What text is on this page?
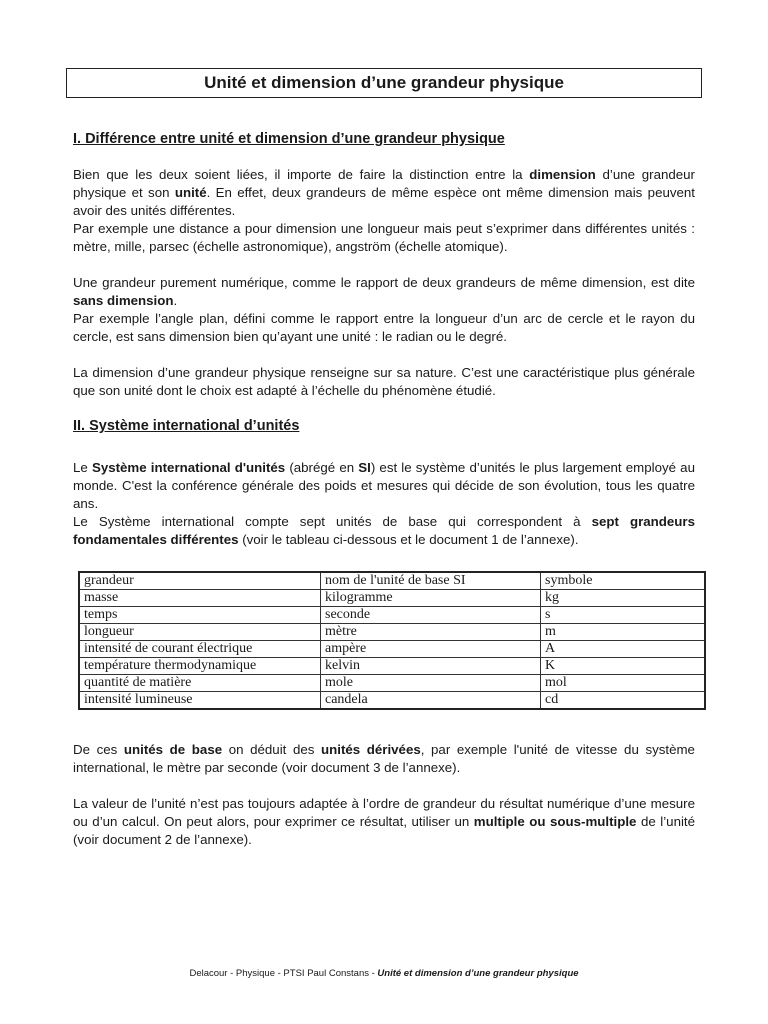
Unité et dimension d’une grandeur physique
I. Différence entre unité et dimension d’une grandeur physique

Bien que les deux soient liées, il importe de faire la distinction entre la dimension d’une grandeur physique et son unité. En effet, deux grandeurs de même espèce ont même dimension mais peuvent avoir des unités différentes.

Par exemple une distance a pour dimension une longueur mais peut s’exprimer dans différentes unités : mètre, mille, parsec (échelle astronomique), angström (échelle atomique).

Une grandeur purement numérique, comme le rapport de deux grandeurs de même dimension, est dite sans dimension.

Par exemple l’angle plan, défini comme le rapport entre la longueur d’un arc de cercle et le rayon du cercle, est sans dimension bien qu’ayant une unité : le radian ou le degré.

La dimension d’une grandeur physique renseigne sur sa nature. C’est une caractéristique plus générale que son unité dont le choix est adapté à l’échelle du phénomène étudié.

II. Système international d’unités

Le Système international d'unités (abrégé en SI) est le système d’unités le plus largement employé au monde. C'est la conférence générale des poids et mesures qui décide de son évolution, tous les quatre ans.

Le Système international compte sept unités de base qui correspondent à sept grandeurs fondamentales différentes (voir le tableau ci-dessous et le document 1 de l’annexe).

grandeur	nom de l'unité de base SI	symbole
masse	kilogramme	kg
temps	seconde	s
longueur	mètre	m
intensité de courant électrique	ampère	A
température thermodynamique	kelvin	K
quantité de matière	mole	mol
intensité lumineuse	candela	cd

De ces unités de base on déduit des unités dérivées, par exemple l'unité de vitesse du système international, le mètre par seconde (voir document 3 de l’annexe).

La valeur de l’unité n’est pas toujours adaptée à l’ordre de grandeur du résultat numérique d’une mesure ou d’un calcul. On peut alors, pour exprimer ce résultat, utiliser un multiple ou sous-multiple de l’unité (voir document 2 de l’annexe).

Delacour - Physique - PTSI Paul Constans - Unité et dimension d’une grandeur physique
